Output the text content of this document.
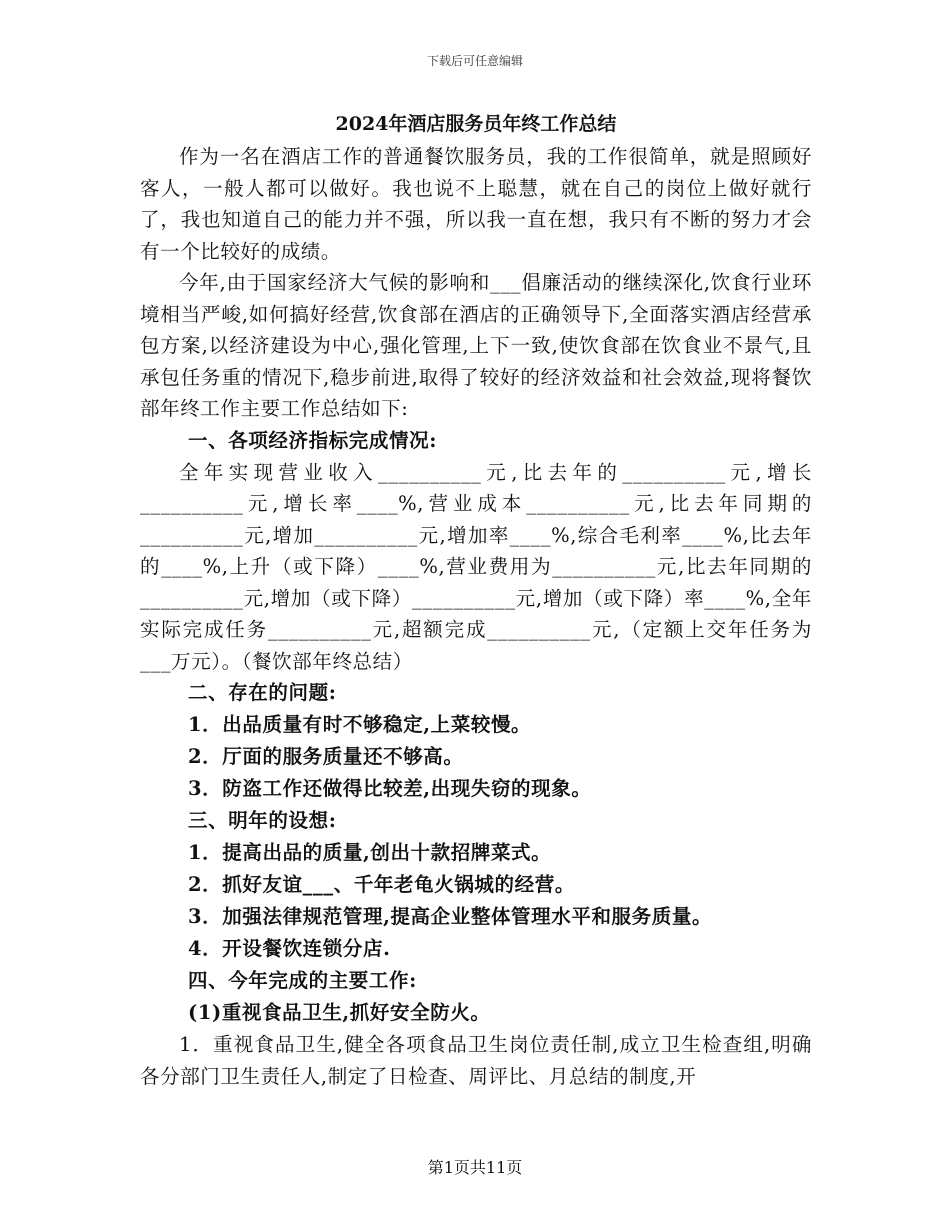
下载后可任意编辑
2024年酒店服务员年终工作总结

作为一名在酒店工作的普通餐饮服务员，我的工作很简单，就是照顾好客人，一般人都可以做好。我也说不上聪慧，就在自己的岗位上做好就行了，我也知道自己的能力并不强，所以我一直在想，我只有不断的努力才会有一个比较好的成绩。

今年,由于国家经济大气候的影响和___倡廉活动的继续深化,饮食行业环境相当严峻,如何搞好经营,饮食部在酒店的正确领导下,全面落实酒店经营承包方案,以经济建设为中心,强化管理,上下一致,使饮食部在饮食业不景气,且承包任务重的情况下,稳步前进,取得了较好的经济效益和社会效益,现将餐饮部年终工作主要工作总结如下:

一、各项经济指标完成情况:

全年实现营业收入__________元,比去年的__________元,增长__________元,增长率____%,营业成本__________元,比去年同期的__________元,增加__________元,增加率____%,综合毛利率____%,比去年的____%,上升（或下降）____%,营业费用为__________元,比去年同期的__________元,增加（或下降）__________元,增加（或下降）率____%,全年实际完成任务__________元,超额完成__________元,（定额上交年任务为___万元）。（餐饮部年终总结）

二、存在的问题:
1．出品质量有时不够稳定,上菜较慢。
2．厅面的服务质量还不够高。
3．防盗工作还做得比较差,出现失窃的现象。
三、明年的设想:
1．提高出品的质量,创出十款招牌菜式。
2．抓好友谊___、千年老龟火锅城的经营。
3．加强法律规范管理,提高企业整体管理水平和服务质量。
4．开设餐饮连锁分店.
四、今年完成的主要工作:
(1)重视食品卫生,抓好安全防火。

1．重视食品卫生,健全各项食品卫生岗位责任制,成立卫生检查组,明确各分部门卫生责任人,制定了日检查、周评比、月总结的制度,开

第1页共11页
